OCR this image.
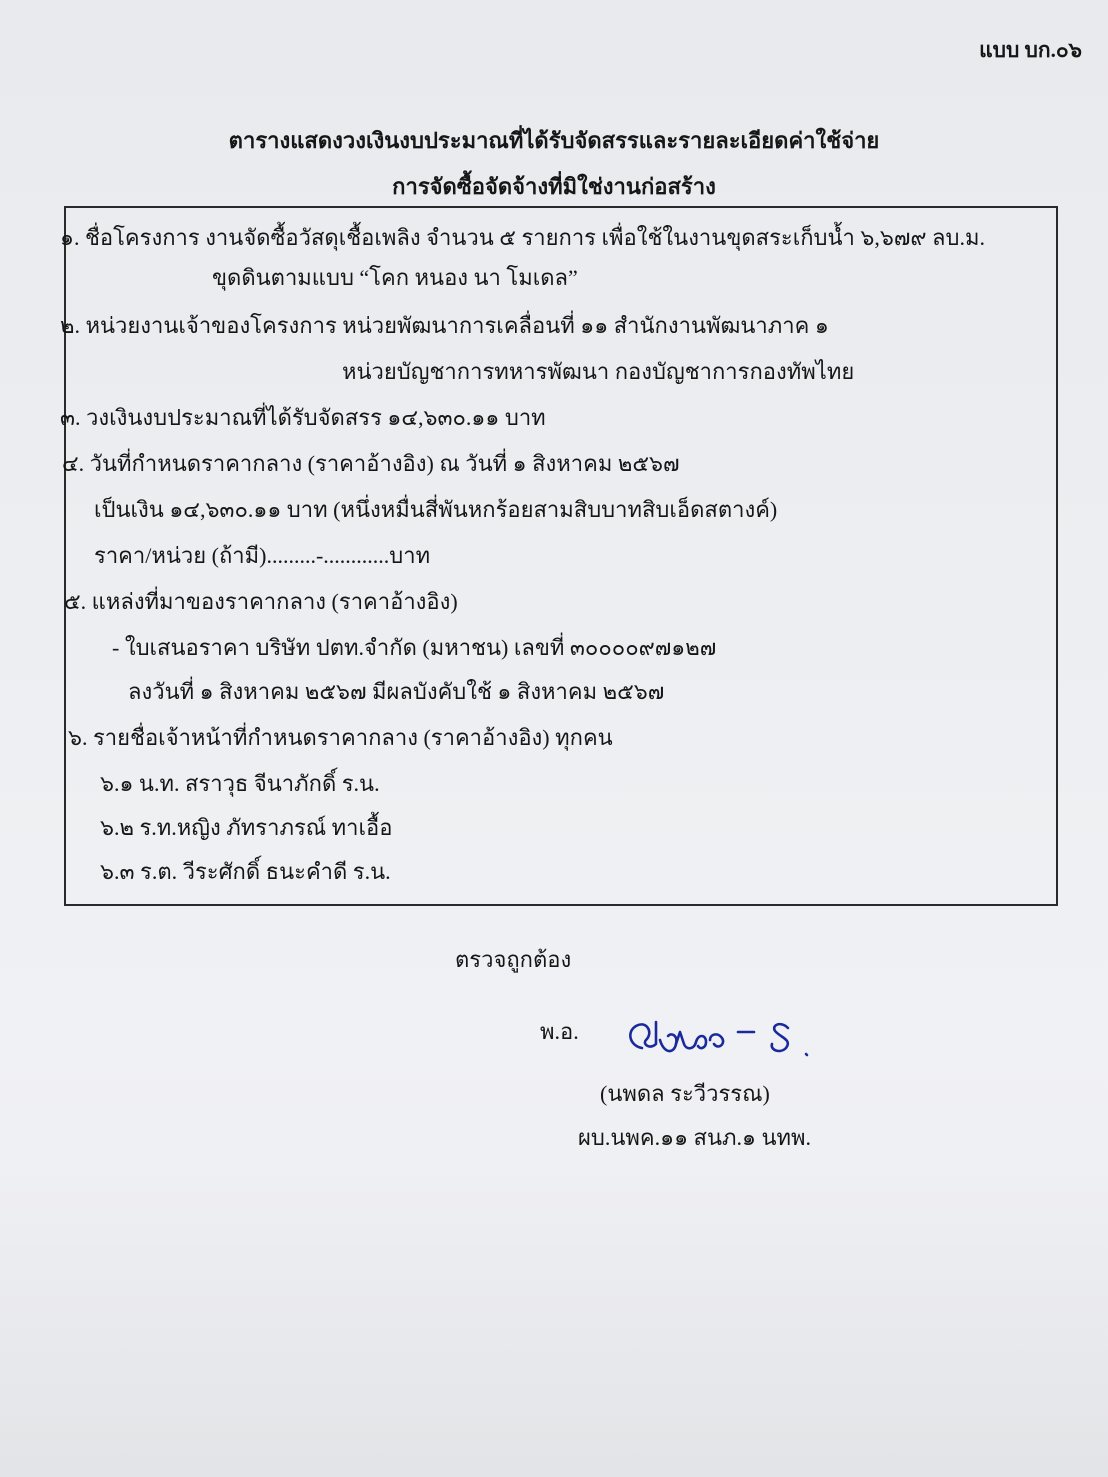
แบบ บก.๐๖
ตารางแสดงวงเงินงบประมาณที่ได้รับจัดสรรและรายละเอียดค่าใช้จ่าย
การจัดซื้อจัดจ้างที่มิใช่งานก่อสร้าง
๑. ชื่อโครงการ งานจัดซื้อวัสดุเชื้อเพลิง จำนวน ๕ รายการ เพื่อใช้ในงานขุดสระเก็บน้ำ ๖,๖๗๙ ลบ.ม.
ขุดดินตามแบบ “โคก หนอง นา โมเดล”
๒. หน่วยงานเจ้าของโครงการ หน่วยพัฒนาการเคลื่อนที่ ๑๑ สำนักงานพัฒนาภาค ๑
หน่วยบัญชาการทหารพัฒนา กองบัญชาการกองทัพไทย
๓. วงเงินงบประมาณที่ได้รับจัดสรร ๑๔,๖๓๐.๑๑ บาท
๔. วันที่กำหนดราคากลาง (ราคาอ้างอิง) ณ วันที่ ๑ สิงหาคม ๒๕๖๗
เป็นเงิน ๑๔,๖๓๐.๑๑ บาท (หนึ่งหมื่นสี่พันหกร้อยสามสิบบาทสิบเอ็ดสตางค์)
ราคา/หน่วย (ถ้ามี).........-............บาท
๕. แหล่งที่มาของราคากลาง (ราคาอ้างอิง)
- ใบเสนอราคา บริษัท ปตท.จำกัด (มหาชน) เลขที่ ๓๐๐๐๐๙๗๑๒๗
ลงวันที่ ๑ สิงหาคม ๒๕๖๗ มีผลบังคับใช้ ๑ สิงหาคม ๒๕๖๗
๖. รายชื่อเจ้าหน้าที่กำหนดราคากลาง (ราคาอ้างอิง) ทุกคน
๖.๑ น.ท. สราวุธ จีนาภักดิ์ ร.น.
๖.๒ ร.ท.หญิง ภัทราภรณ์ ทาเอื้อ
๖.๓ ร.ต. วีระศักดิ์ ธนะคำดี ร.น.
ตรวจถูกต้อง
พ.อ.
(นพดล ระวีวรรณ)
ผบ.นพค.๑๑ สนภ.๑ นทพ.
